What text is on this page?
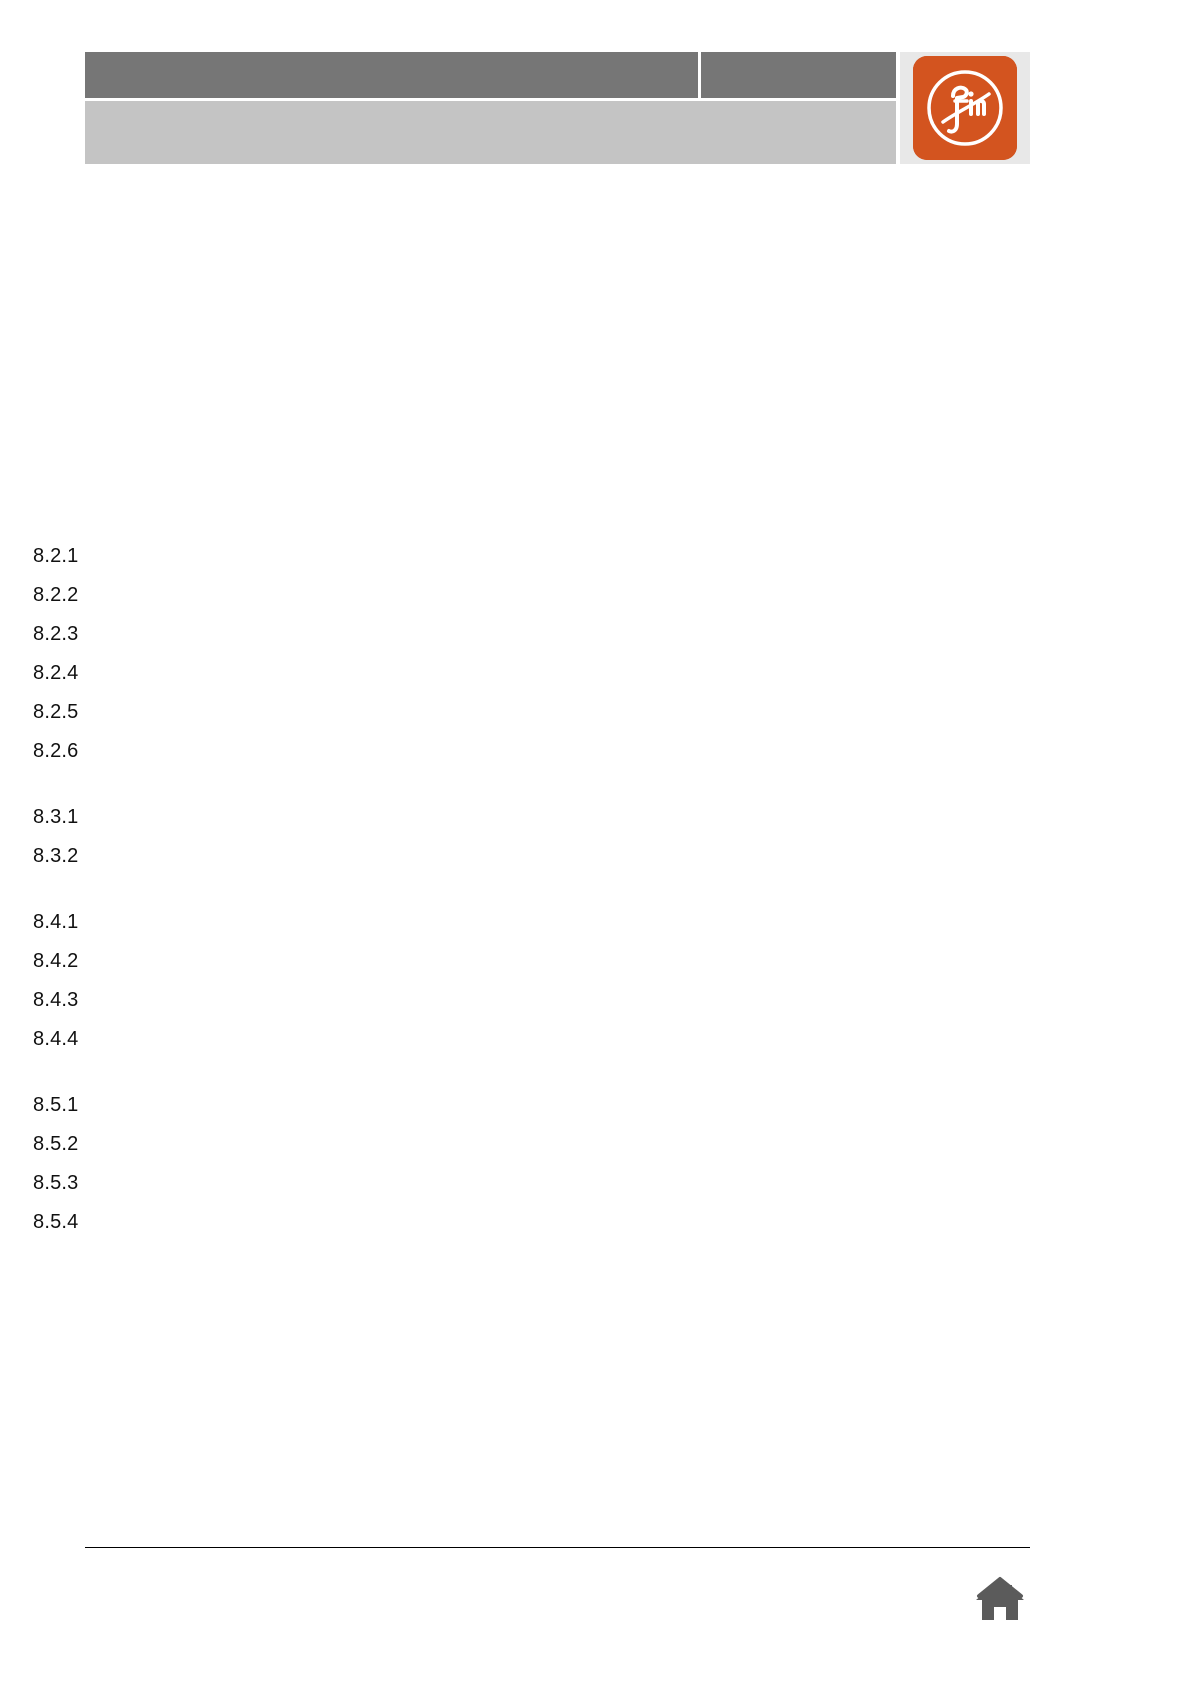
8.2.1
8.2.2
8.2.3
8.2.4
8.2.5
8.2.6
8.3.1
8.3.2
8.4.1
8.4.2
8.4.3
8.4.4
8.5.1
8.5.2
8.5.3
8.5.4
